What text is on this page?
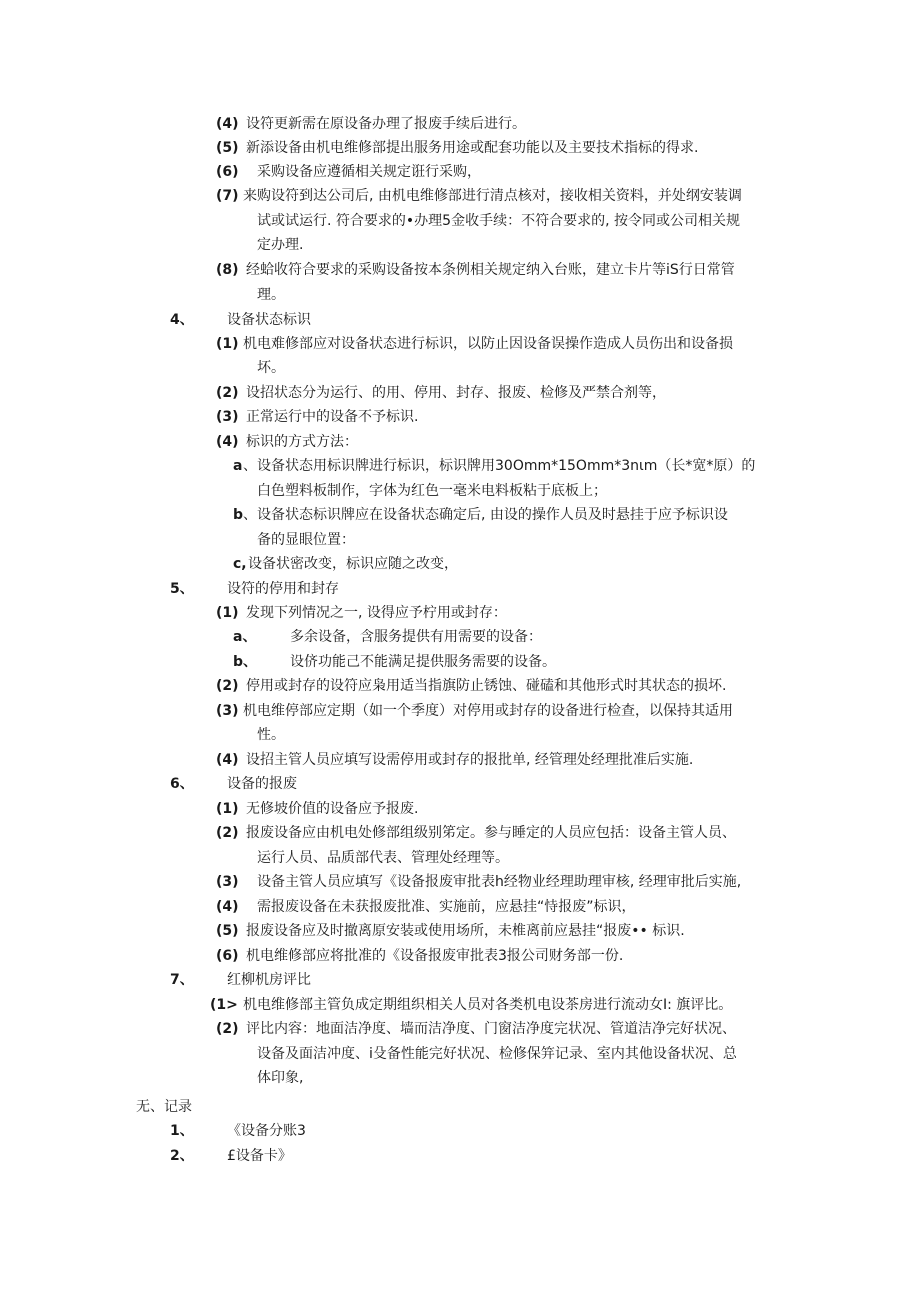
(4) 设符更新需在原设备办理了报废手续后进行。
(5) 新添设备由机电维修部提出服务用途或配套功能以及主要技术指标的得求.
(6) 采购设备应遵循相关规定诳行采购，
(7) 来购设符到达公司后, 由机电维修部进行清点核对，接收相关资料，并处纲安装调
试或试运行. 符合要求的•办理5金收手续：不符合要求的, 按令同或公司相关规
定办理.
(8) 经蛤收符合要求的采购设备按本条例相关规定纳入台账，建立卡片等iS行日常管
理。
4、 设备状态标识
(1) 机电难修部应对设备状态进行标识，以防止因设备误操作造成人员伤出和设备损
坏。
(2) 设招状态分为运行、的用、停用、封存、报废、检修及严禁合剂等，
(3) 正常运行中的设备不予标识.
(4) 标识的方式方法：
a 、设备状态用标识牌进行标识，标识牌用30Omm*15Omm*3nιm（长*宽*原）的
白色塑料板制作，字体为红色一毫米电料板粘于底板上；
b 、设备状态标识牌应在设备状态确定后, 由设的操作人员及时悬挂于应予标识设
备的显眼位置：
c, 设备状密改变，标识应随之改变，
5、 设符的停用和封存
(1) 发现下列情况之一, 设得应予柠用或封存：
a、 多余设备，含服务提供有用需要的设备：
b、 设侪功能己不能满足提供服务需要的设备。
(2) 停用或封存的设符应枭用适当指旗防止锈蚀、碰磕和其他形式时其状态的损坏.
(3) 机电维停部应定期（如一个季度）对停用或封存的设备进行检查，以保持其适用
性。
(4) 设招主管人员应填写设需停用或封存的报批单, 经管理处经理批准后实施.
6、 设备的报废
(1) 无修坡价值的设备应予报废.
(2) 报废设备应由机电处修部组级别笫定。参与睡定的人员应包括：设备主管人员、
运行人员、品质部代表、管理处经理等。
(3) 设备主管人员应填写《设备报废审批表h经物业经理助理审核, 经理审批后实施,
(4) 需报废设备在未获报废批准、实施前，应悬挂“恃报废”标识，
(5) 报废设备应及时撤离原安装或使用场所，未椎离前应悬挂“报废•• 标识.
(6) 机电维修部应将批准的《设备报废审批表3报公司财务部一份.
7、 红柳机房评比
(1> 机电维修部主管负成定期组织相关人员对各类机电设茶房进行流动女I: 旗评比。
(2) 评比内容：地面洁净度、墙而洁净度、门窗洁净度完状况、管道洁净完好状况、
设备及面洁冲度、i殳备性能完好状况、检修保笄记录、室内其他设备状况、总
体印象,
无、记录
1、 《设备分账3
2、 £设备卡》
